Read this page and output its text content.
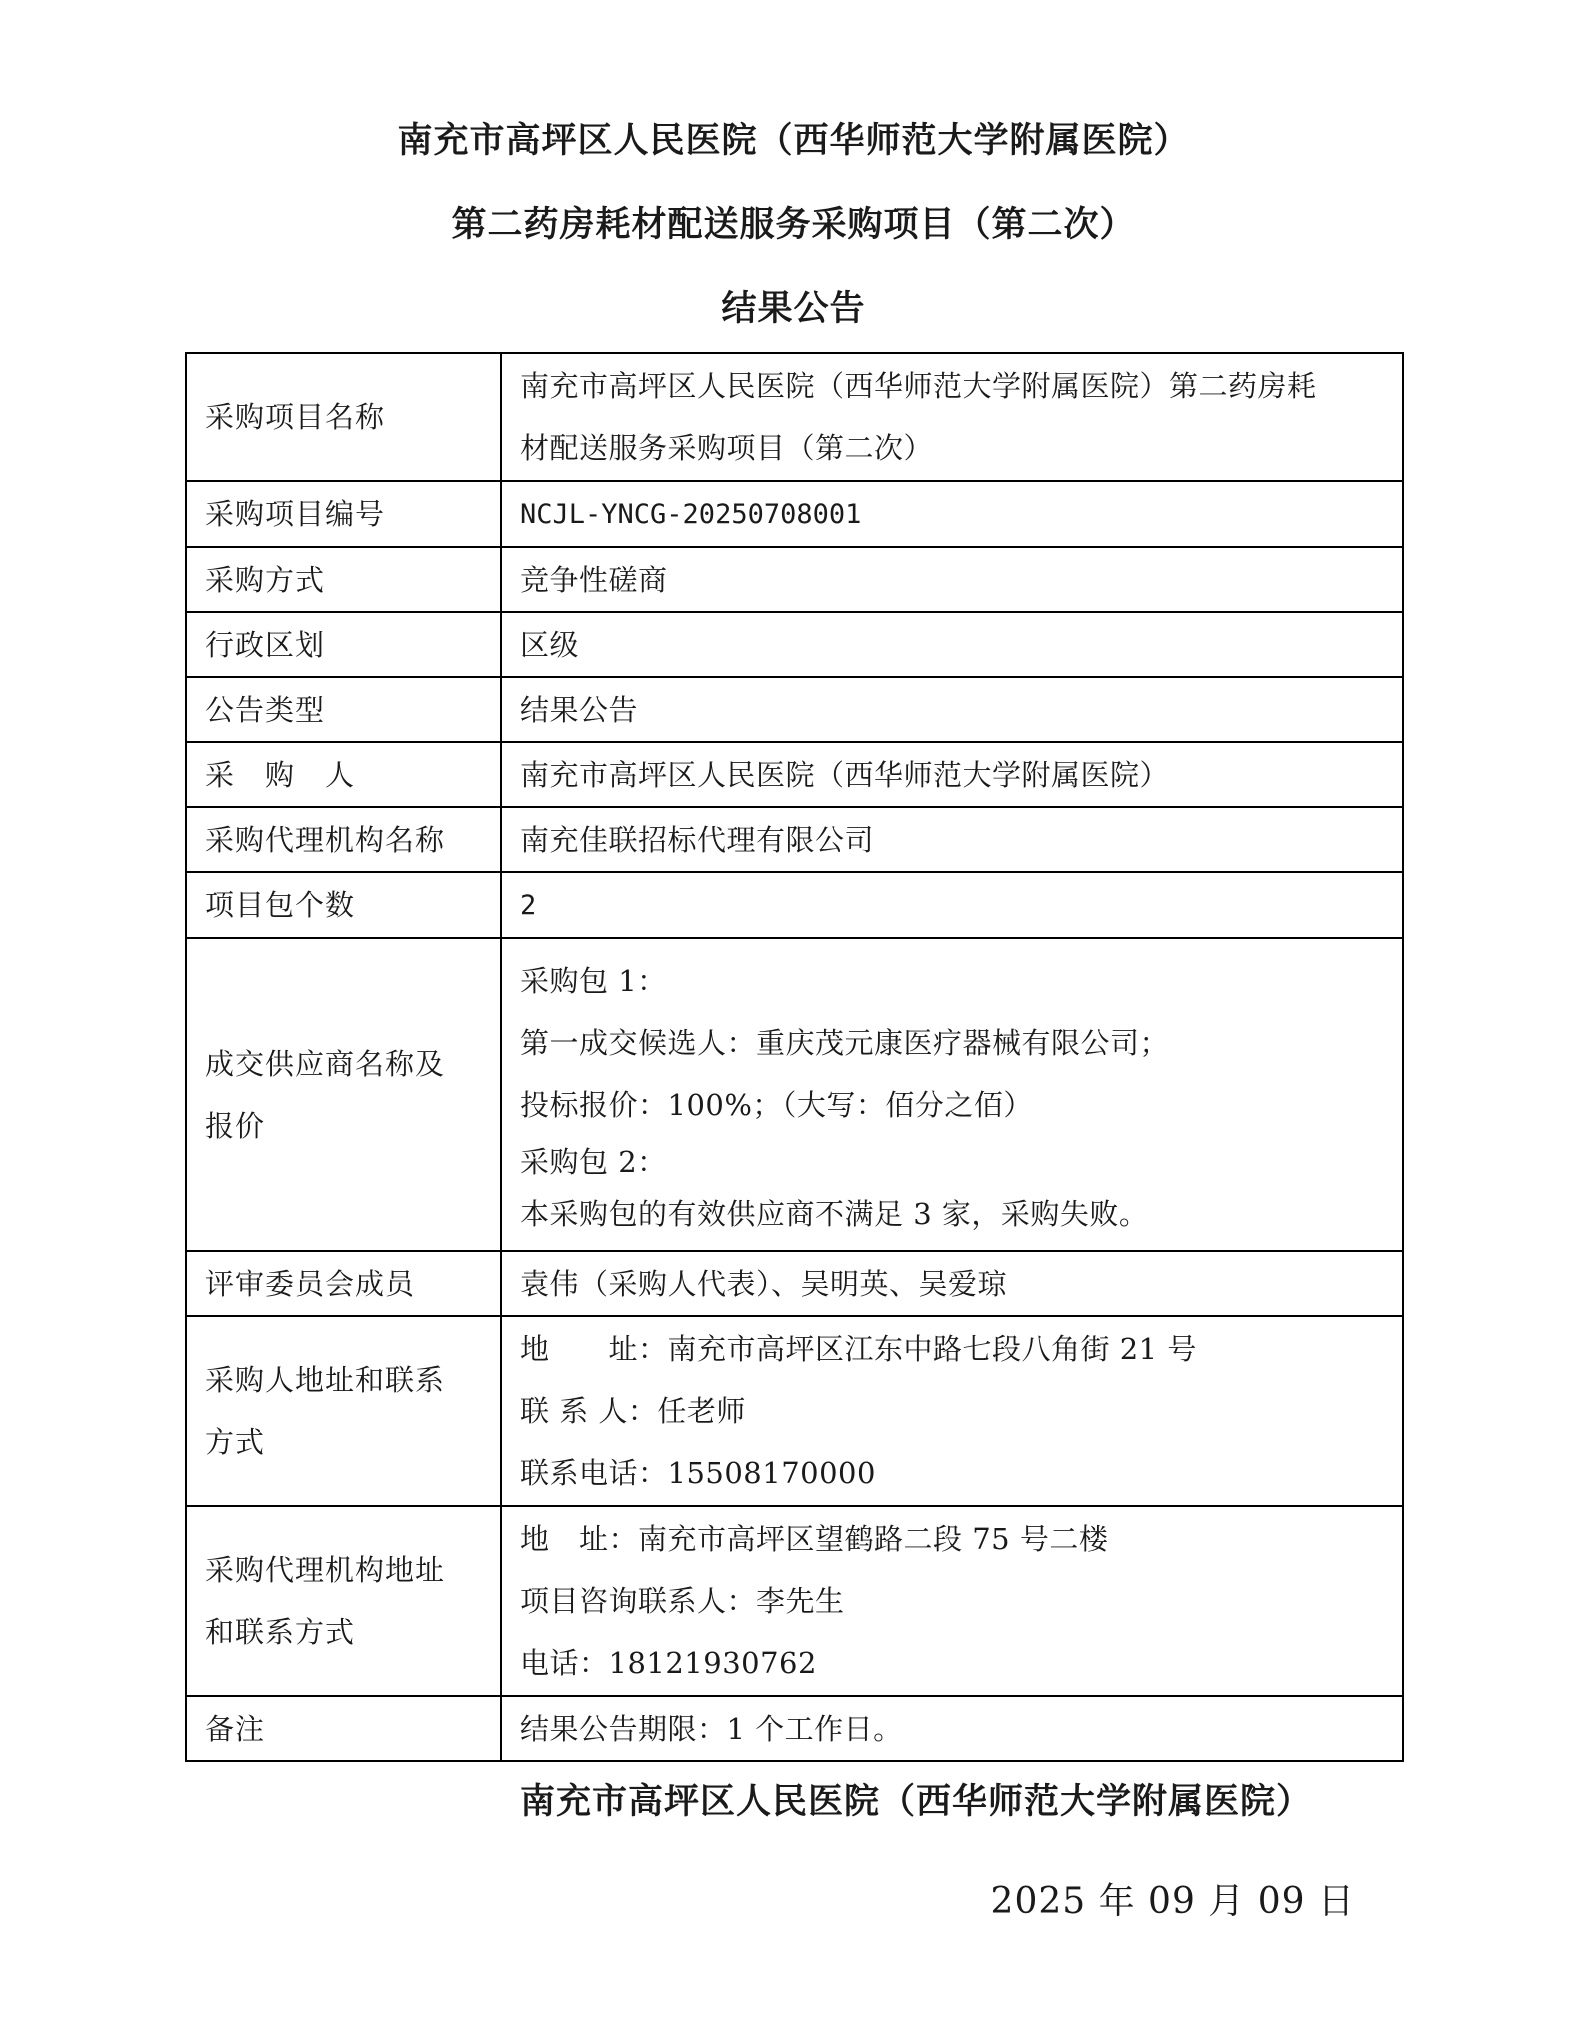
南充市高坪区人民医院（西华师范大学附属医院）
第二药房耗材配送服务采购项目（第二次）
结果公告
采购项目名称	南充市高坪区人民医院（西华师范大学附属医院）第二药房耗
材配送服务采购项目（第二次）

采购项目编号	NCJL-YNCG-20250708001
采购方式	竞争性磋商
行政区划	区级
公告类型	结果公告
采　购　人	南充市高坪区人民医院（西华师范大学附属医院）
采购代理机构名称	南充佳联招标代理有限公司
项目包个数	2

成交供应商名称及
报价	采购包 1：
第一成交候选人：重庆茂元康医疗器械有限公司；
投标报价：100%；（大写：佰分之佰）
采购包 2：
本采购包的有效供应商不满足 3 家，采购失败。

评审委员会成员	袁伟（采购人代表）、吴明英、吴爱琼

采购人地址和联系
方式	地　　址：南充市高坪区江东中路七段八角街 21 号
联 系 人：任老师
联系电话：15508170000

采购代理机构地址
和联系方式	地　址：南充市高坪区望鹤路二段 75 号二楼
项目咨询联系人：李先生
电话：18121930762

备注	结果公告期限：1 个工作日。
南充市高坪区人民医院（西华师范大学附属医院）
2025 年 09 月 09 日
